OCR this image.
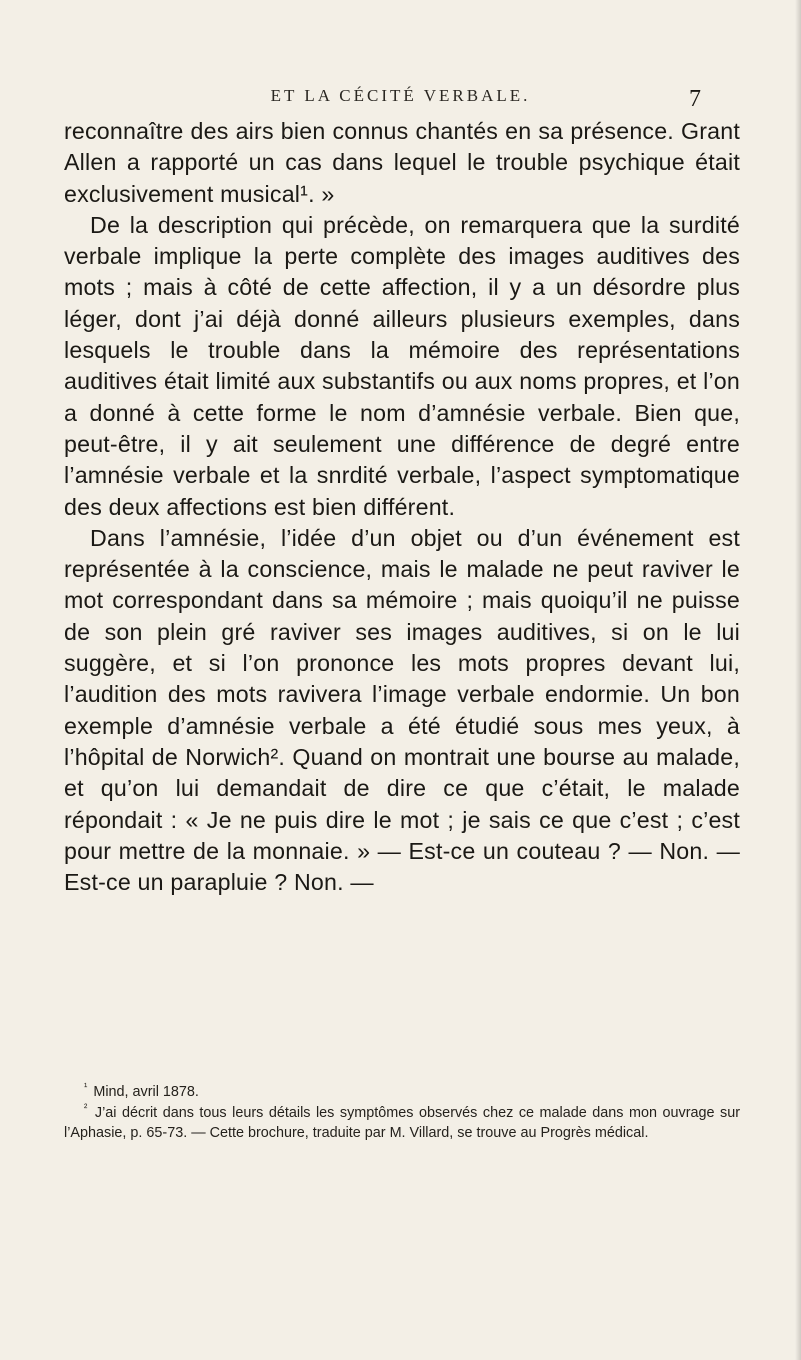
ET LA CÉCITÉ VERBALE.	7

reconnaître des airs bien connus chantés en sa présence. Grant Allen a rapporté un cas dans lequel le trouble psychique était exclusivement musical¹. »

De la description qui précède, on remarquera que la surdité verbale implique la perte complète des images auditives des mots ; mais à côté de cette affection, il y a un désordre plus léger, dont j’ai déjà donné ailleurs plusieurs exemples, dans lesquels le trouble dans la mémoire des représentations auditives était limité aux substantifs ou aux noms propres, et l’on a donné à cette forme le nom d’amnésie verbale. Bien que, peut-être, il y ait seulement une différence de degré entre l’amnésie verbale et la snrdité verbale, l’aspect symptomatique des deux affections est bien différent.

Dans l’amnésie, l’idée d’un objet ou d’un événement est représentée à la conscience, mais le malade ne peut raviver le mot correspondant dans sa mémoire ; mais quoiqu’il ne puisse de son plein gré raviver ses images auditives, si on le lui suggère, et si l’on prononce les mots propres devant lui, l’audition des mots ravivera l’image verbale endormie. Un bon exemple d’amnésie verbale a été étudié sous mes yeux, à l’hôpital de Norwich². Quand on montrait une bourse au malade, et qu’on lui demandait de dire ce que c’était, le malade répondait : « Je ne puis dire le mot ; je sais ce que c’est ; c’est pour mettre de la monnaie. » — Est-ce un couteau ? — Non. — Est-ce un parapluie ? Non. —

$^{^1}$ Mind, avril 1878.

$^{^2}$ J’ai décrit dans tous leurs détails les symptômes observés chez ce malade dans mon ouvrage sur l’Aphasie, p. 65-73. — Cette brochure, traduite par M. Villard, se trouve au Progrès médical.
